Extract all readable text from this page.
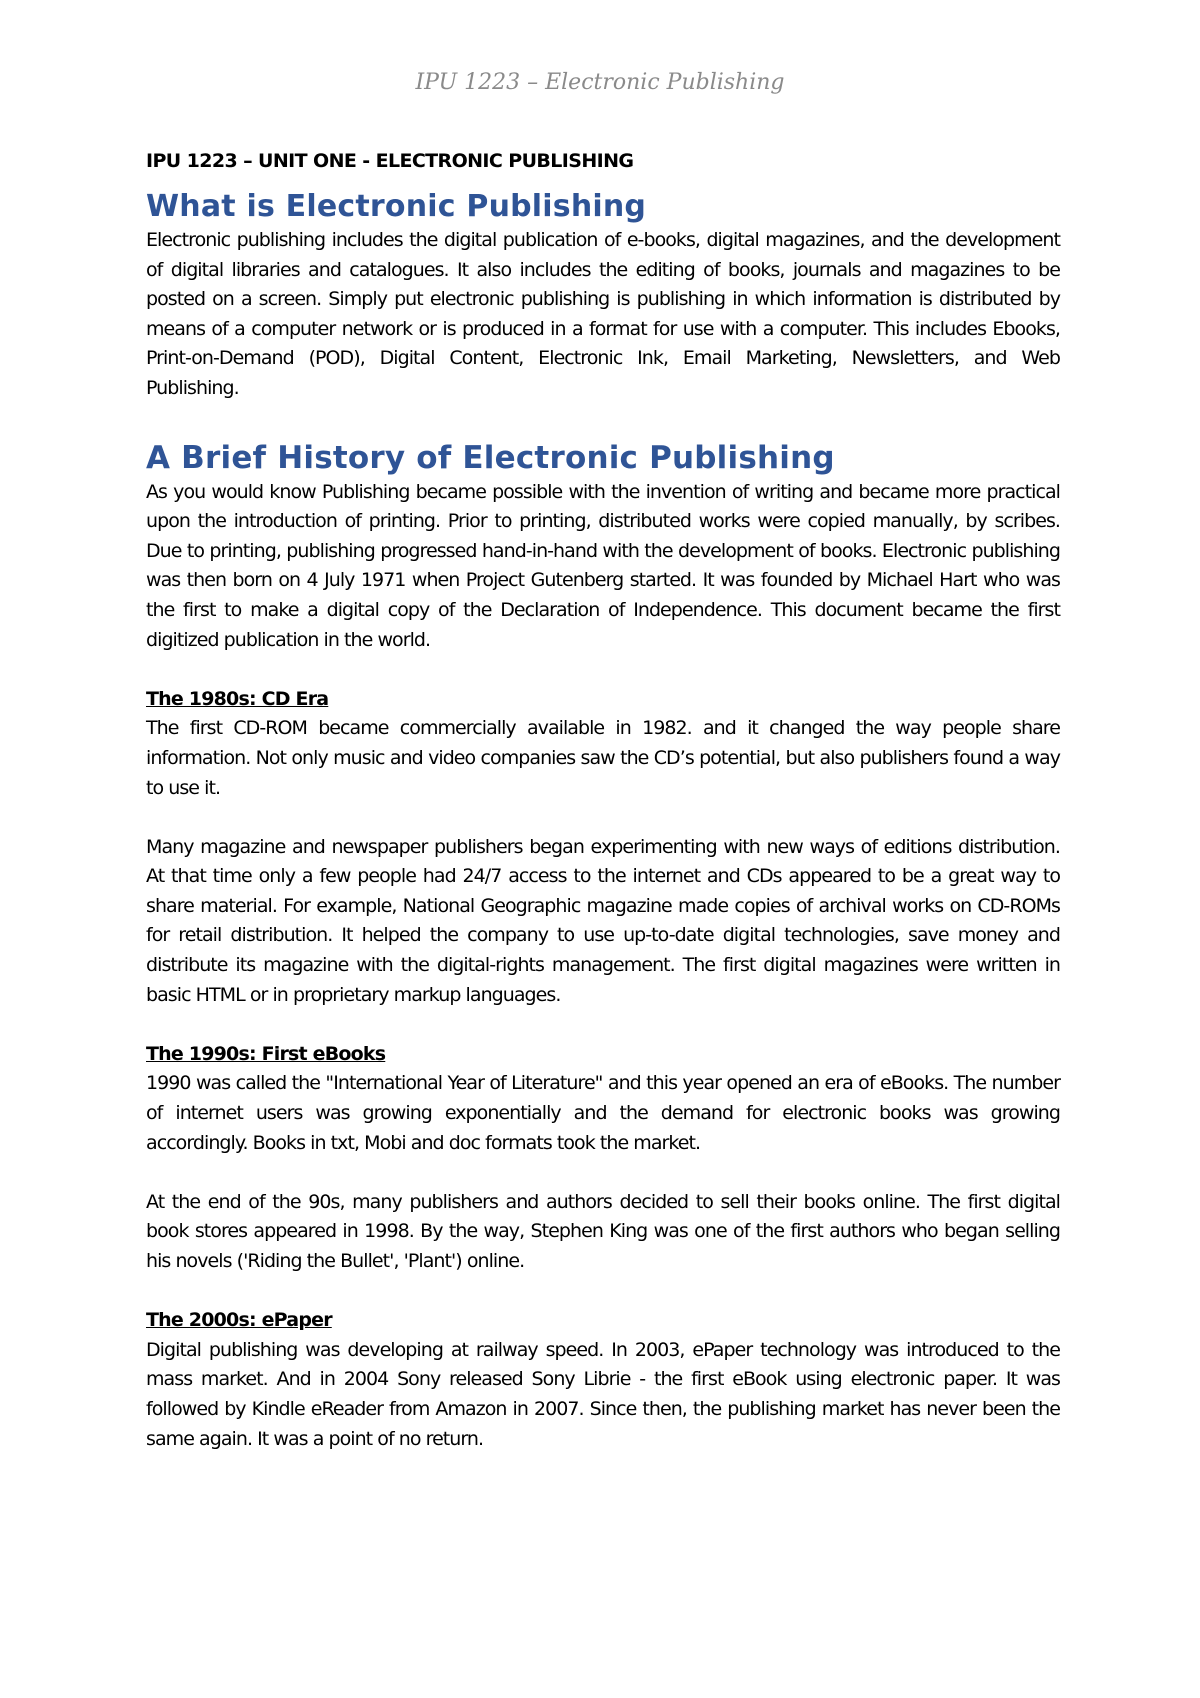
IPU 1223 – Electronic Publishing
IPU 1223 – UNIT ONE - ELECTRONIC PUBLISHING
What is Electronic Publishing

Electronic publishing includes the digital publication of e-books, digital magazines, and the development of digital libraries and catalogues. It also includes the editing of books, journals and magazines to be posted on a screen. Simply put electronic publishing is publishing in which information is distributed by means of a computer network or is produced in a format for use with a computer. This includes Ebooks, Print-on-Demand (POD), Digital Content, Electronic Ink, Email Marketing, Newsletters, and Web Publishing.

A Brief History of Electronic Publishing

As you would know Publishing became possible with the invention of writing and became more practical upon the introduction of printing. Prior to printing, distributed works were copied manually, by scribes. Due to printing, publishing progressed hand-in-hand with the development of books. Electronic publishing was then born on 4 July 1971 when Project Gutenberg started. It was founded by Michael Hart who was the first to make a digital copy of the Declaration of Independence. This document became the first digitized publication in the world.

The 1980s: CD Era

The first CD-ROM became commercially available in 1982. and it changed the way people share information. Not only music and video companies saw the CD’s potential, but also publishers found a way to use it.

Many magazine and newspaper publishers began experimenting with new ways of editions distribution. At that time only a few people had 24/7 access to the internet and CDs appeared to be a great way to share material. For example, National Geographic magazine made copies of archival works on CD-ROMs for retail distribution. It helped the company to use up-to-date digital technologies, save money and distribute its magazine with the digital-rights management. The first digital magazines were written in basic HTML or in proprietary markup languages.

The 1990s: First eBooks

1990 was called the "International Year of Literature" and this year opened an era of eBooks. The number of internet users was growing exponentially and the demand for electronic books was growing accordingly. Books in txt, Mobi and doc formats took the market.

At the end of the 90s, many publishers and authors decided to sell their books online. The first digital book stores appeared in 1998. By the way, Stephen King was one of the first authors who began selling his novels ('Riding the Bullet', 'Plant') online.

The 2000s: ePaper

Digital publishing was developing at railway speed. In 2003, ePaper technology was introduced to the mass market. And in 2004 Sony released Sony Librie - the first eBook using electronic paper. It was followed by Kindle eReader from Amazon in 2007. Since then, the publishing market has never been the same again. It was a point of no return.
